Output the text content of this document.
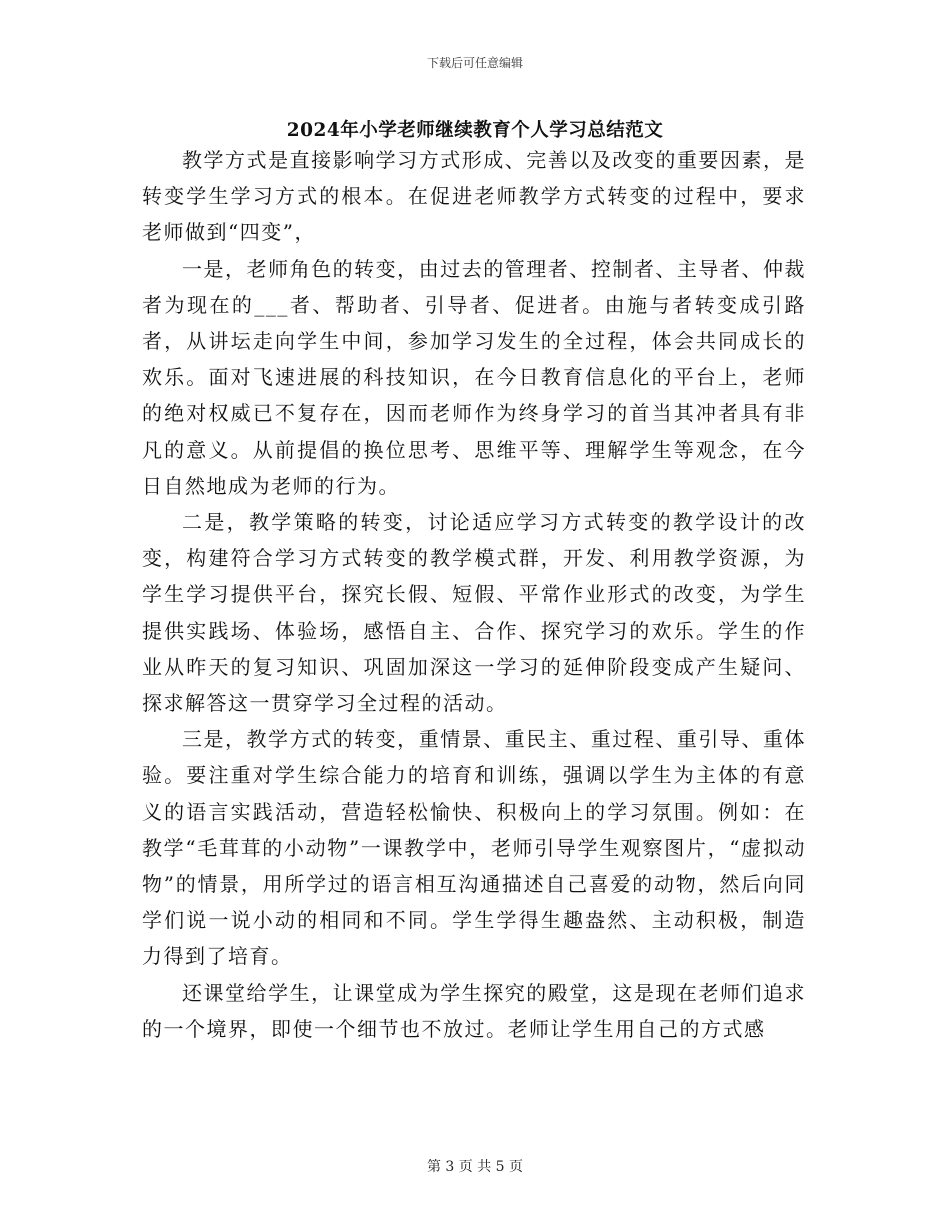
下载后可任意编辑
2024年小学老师继续教育个人学习总结范文

教学方式是直接影响学习方式形成、完善以及改变的重要因素，是转变学生学习方式的根本。在促进老师教学方式转变的过程中，要求老师做到“四变”，

一是，老师角色的转变，由过去的管理者、控制者、主导者、仲裁者为现在的___者、帮助者、引导者、促进者。由施与者转变成引路者，从讲坛走向学生中间，参加学习发生的全过程，体会共同成长的欢乐。面对飞速进展的科技知识，在今日教育信息化的平台上，老师的绝对权威已不复存在，因而老师作为终身学习的首当其冲者具有非凡的意义。从前提倡的换位思考、思维平等、理解学生等观念，在今日自然地成为老师的行为。

二是，教学策略的转变，讨论适应学习方式转变的教学设计的改变，构建符合学习方式转变的教学模式群，开发、利用教学资源，为学生学习提供平台，探究长假、短假、平常作业形式的改变，为学生提供实践场、体验场，感悟自主、合作、探究学习的欢乐。学生的作业从昨天的复习知识、巩固加深这一学习的延伸阶段变成产生疑问、探求解答这一贯穿学习全过程的活动。

三是，教学方式的转变，重情景、重民主、重过程、重引导、重体验。要注重对学生综合能力的培育和训练，强调以学生为主体的有意义的语言实践活动，营造轻松愉快、积极向上的学习氛围。例如：在教学“毛茸茸的小动物”一课教学中，老师引导学生观察图片，“虚拟动物”的情景，用所学过的语言相互沟通描述自己喜爱的动物，然后向同学们说一说小动的相同和不同。学生学得生趣盎然、主动积极，制造力得到了培育。

还课堂给学生，让课堂成为学生探究的殿堂，这是现在老师们追求的一个境界，即使一个细节也不放过。老师让学生用自己的方式感

第 3 页 共 5 页
